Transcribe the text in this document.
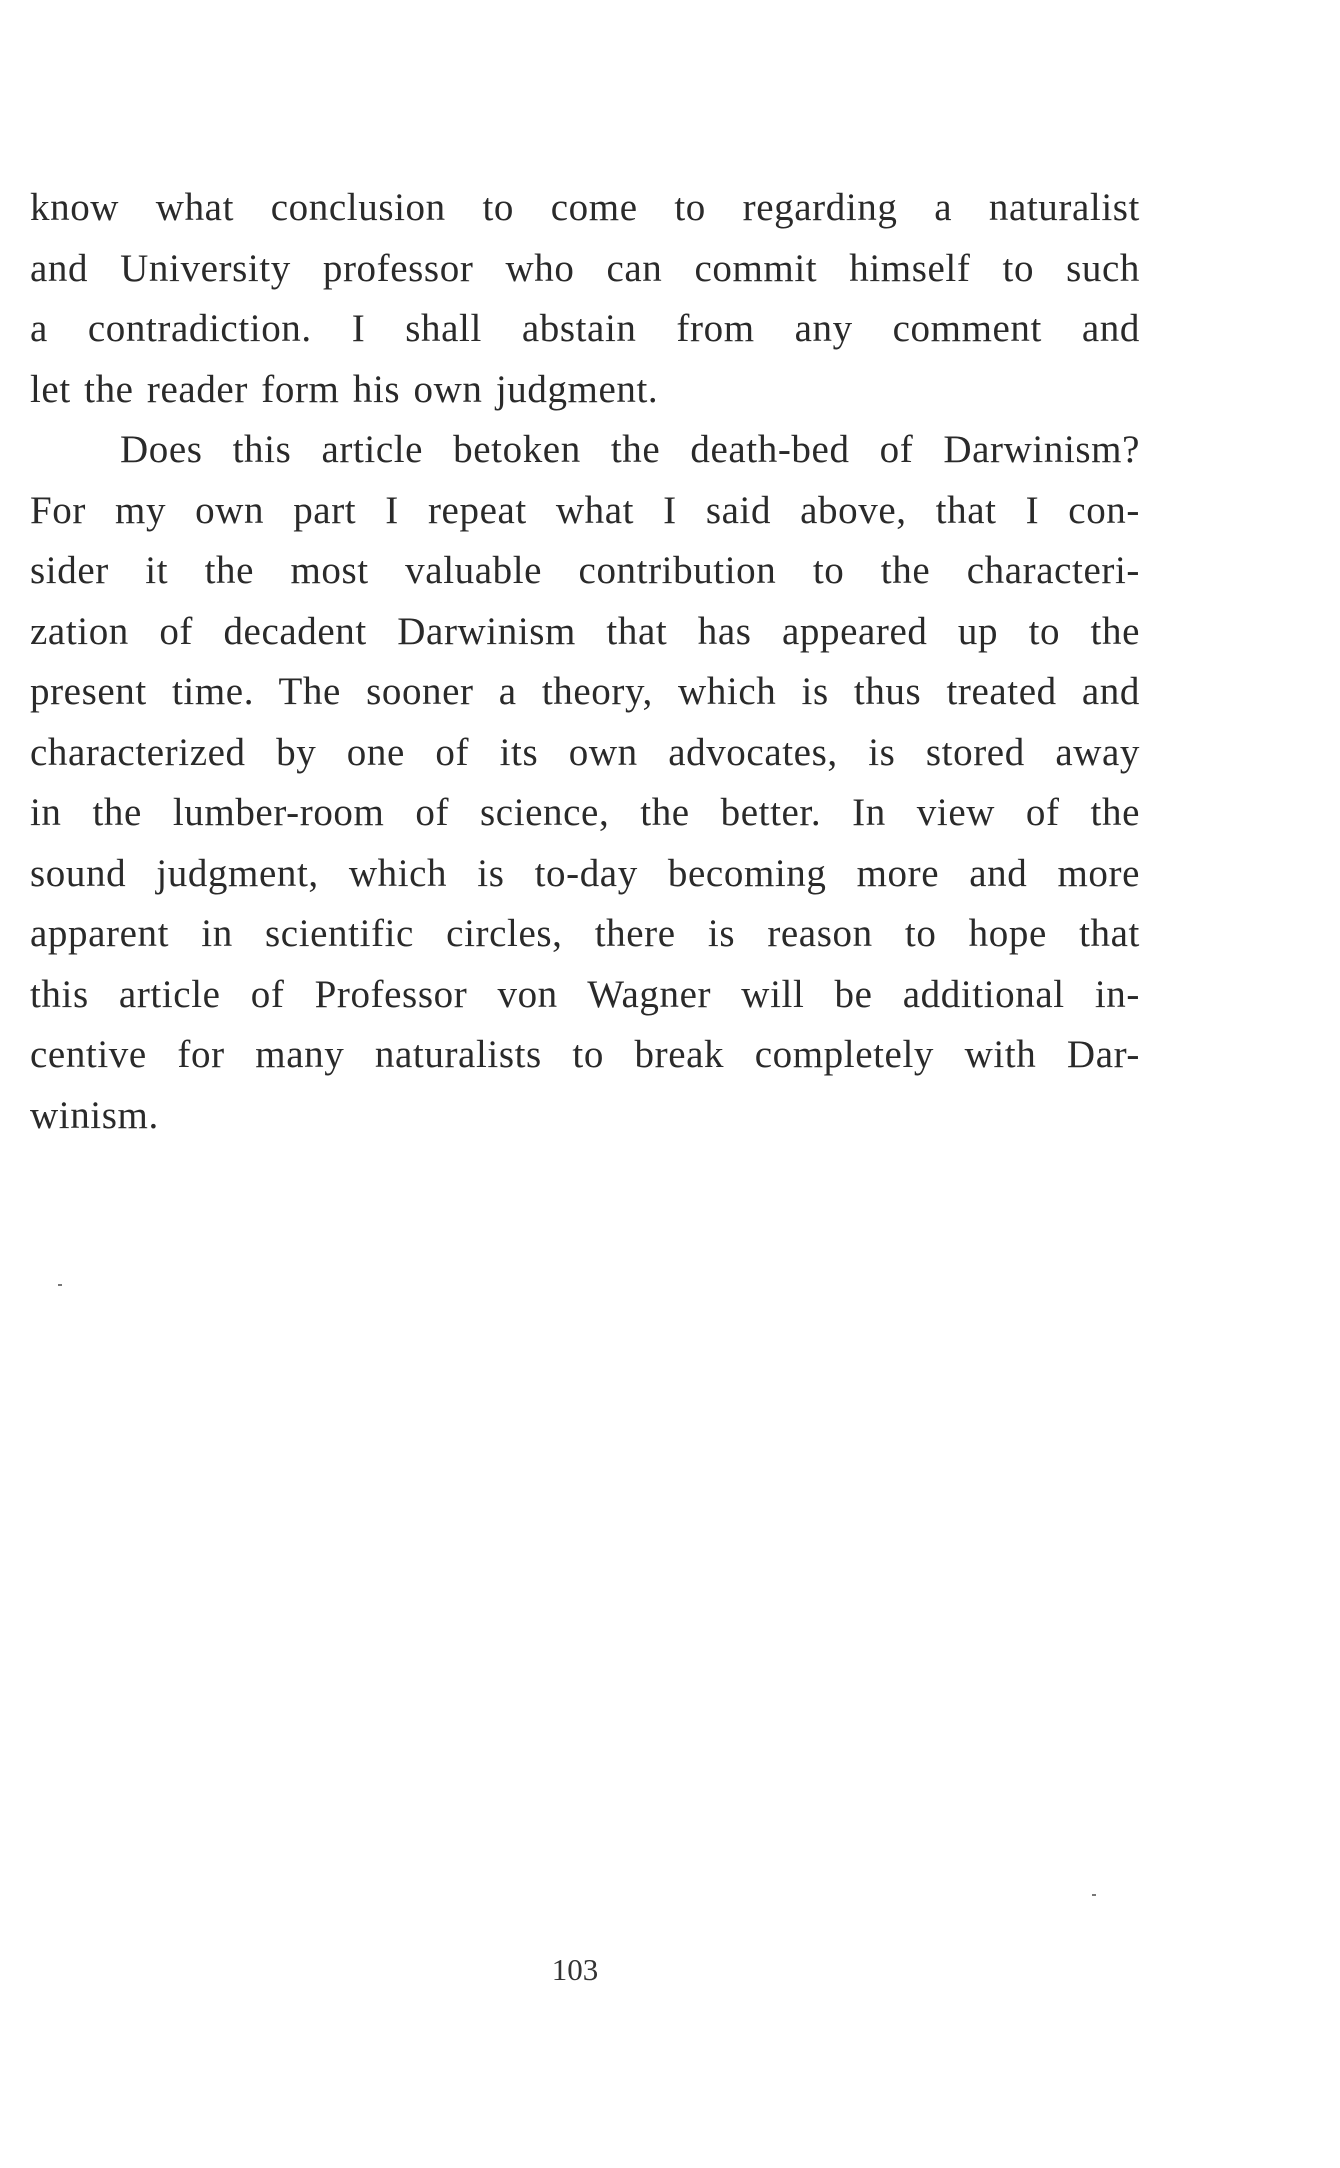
know what conclusion to come to regarding a naturalist
and University professor who can commit himself to such
a contradiction. I shall abstain from any comment and
let the reader form his own judgment.
Does this article betoken the death-bed of Darwinism?
For my own part I repeat what I said above, that I con-
sider it the most valuable contribution to the characteri-
zation of decadent Darwinism that has appeared up to the
present time. The sooner a theory, which is thus treated and
characterized by one of its own advocates, is stored away
in the lumber-room of science, the better. In view of the
sound judgment, which is to-day becoming more and more
apparent in scientific circles, there is reason to hope that
this article of Professor von Wagner will be additional in-
centive for many naturalists to break completely with Dar-
winism.
103
